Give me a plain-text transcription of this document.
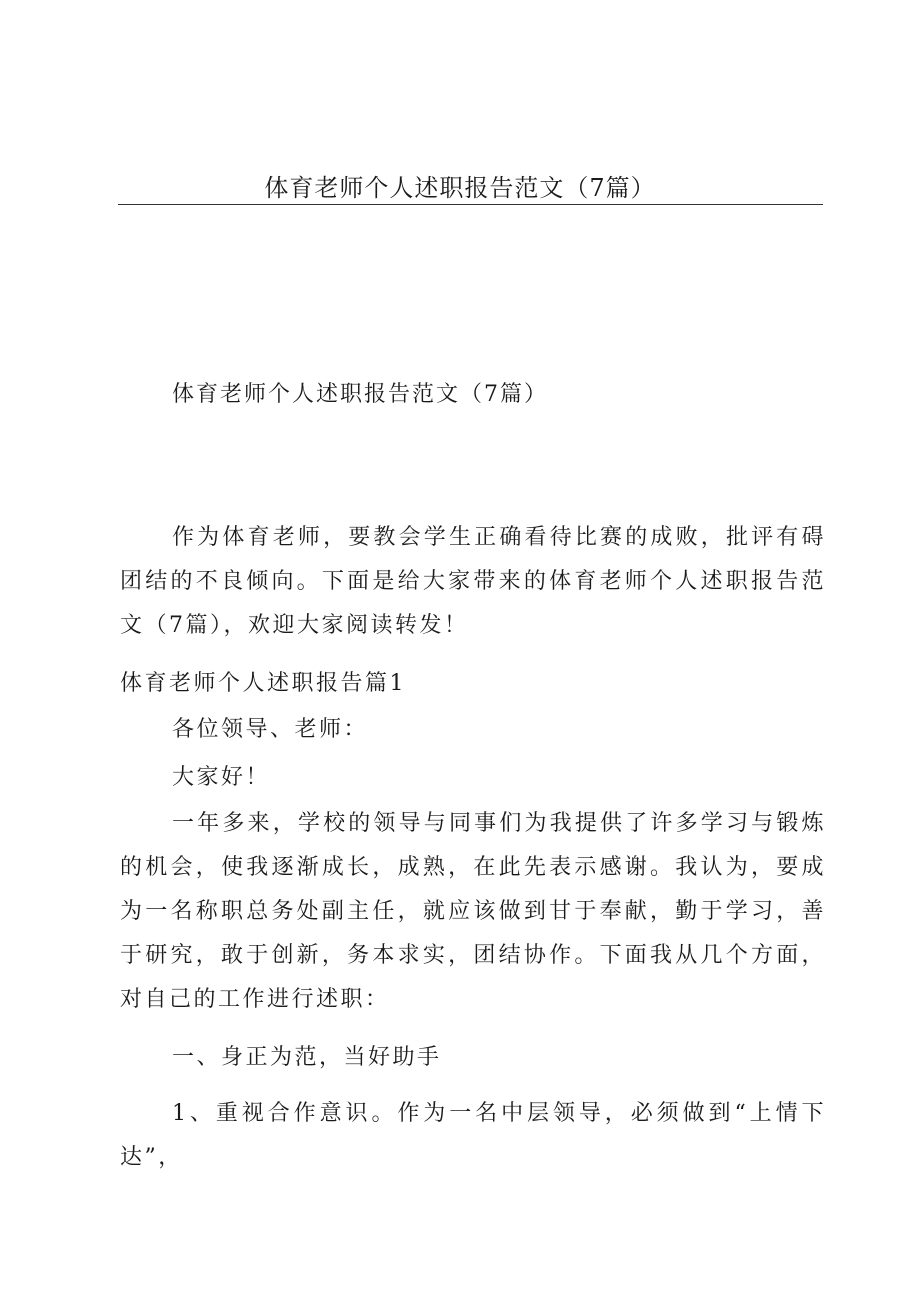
体育老师个人述职报告范文（7篇）
体育老师个人述职报告范文（7篇）

作为体育老师，要教会学生正确看待比赛的成败，批评有碍团结的不良倾向。下面是给大家带来的体育老师个人述职报告范文（7篇），欢迎大家阅读转发！

体育老师个人述职报告篇1

各位领导、老师：

大家好！

一年多来，学校的领导与同事们为我提供了许多学习与锻炼的机会，使我逐渐成长，成熟，在此先表示感谢。我认为，要成为一名称职总务处副主任，就应该做到甘于奉献，勤于学习，善于研究，敢于创新，务本求实，团结协作。下面我从几个方面，对自己的工作进行述职：

一、身正为范，当好助手

1、重视合作意识。作为一名中层领导，必须做到“上情下达”，
